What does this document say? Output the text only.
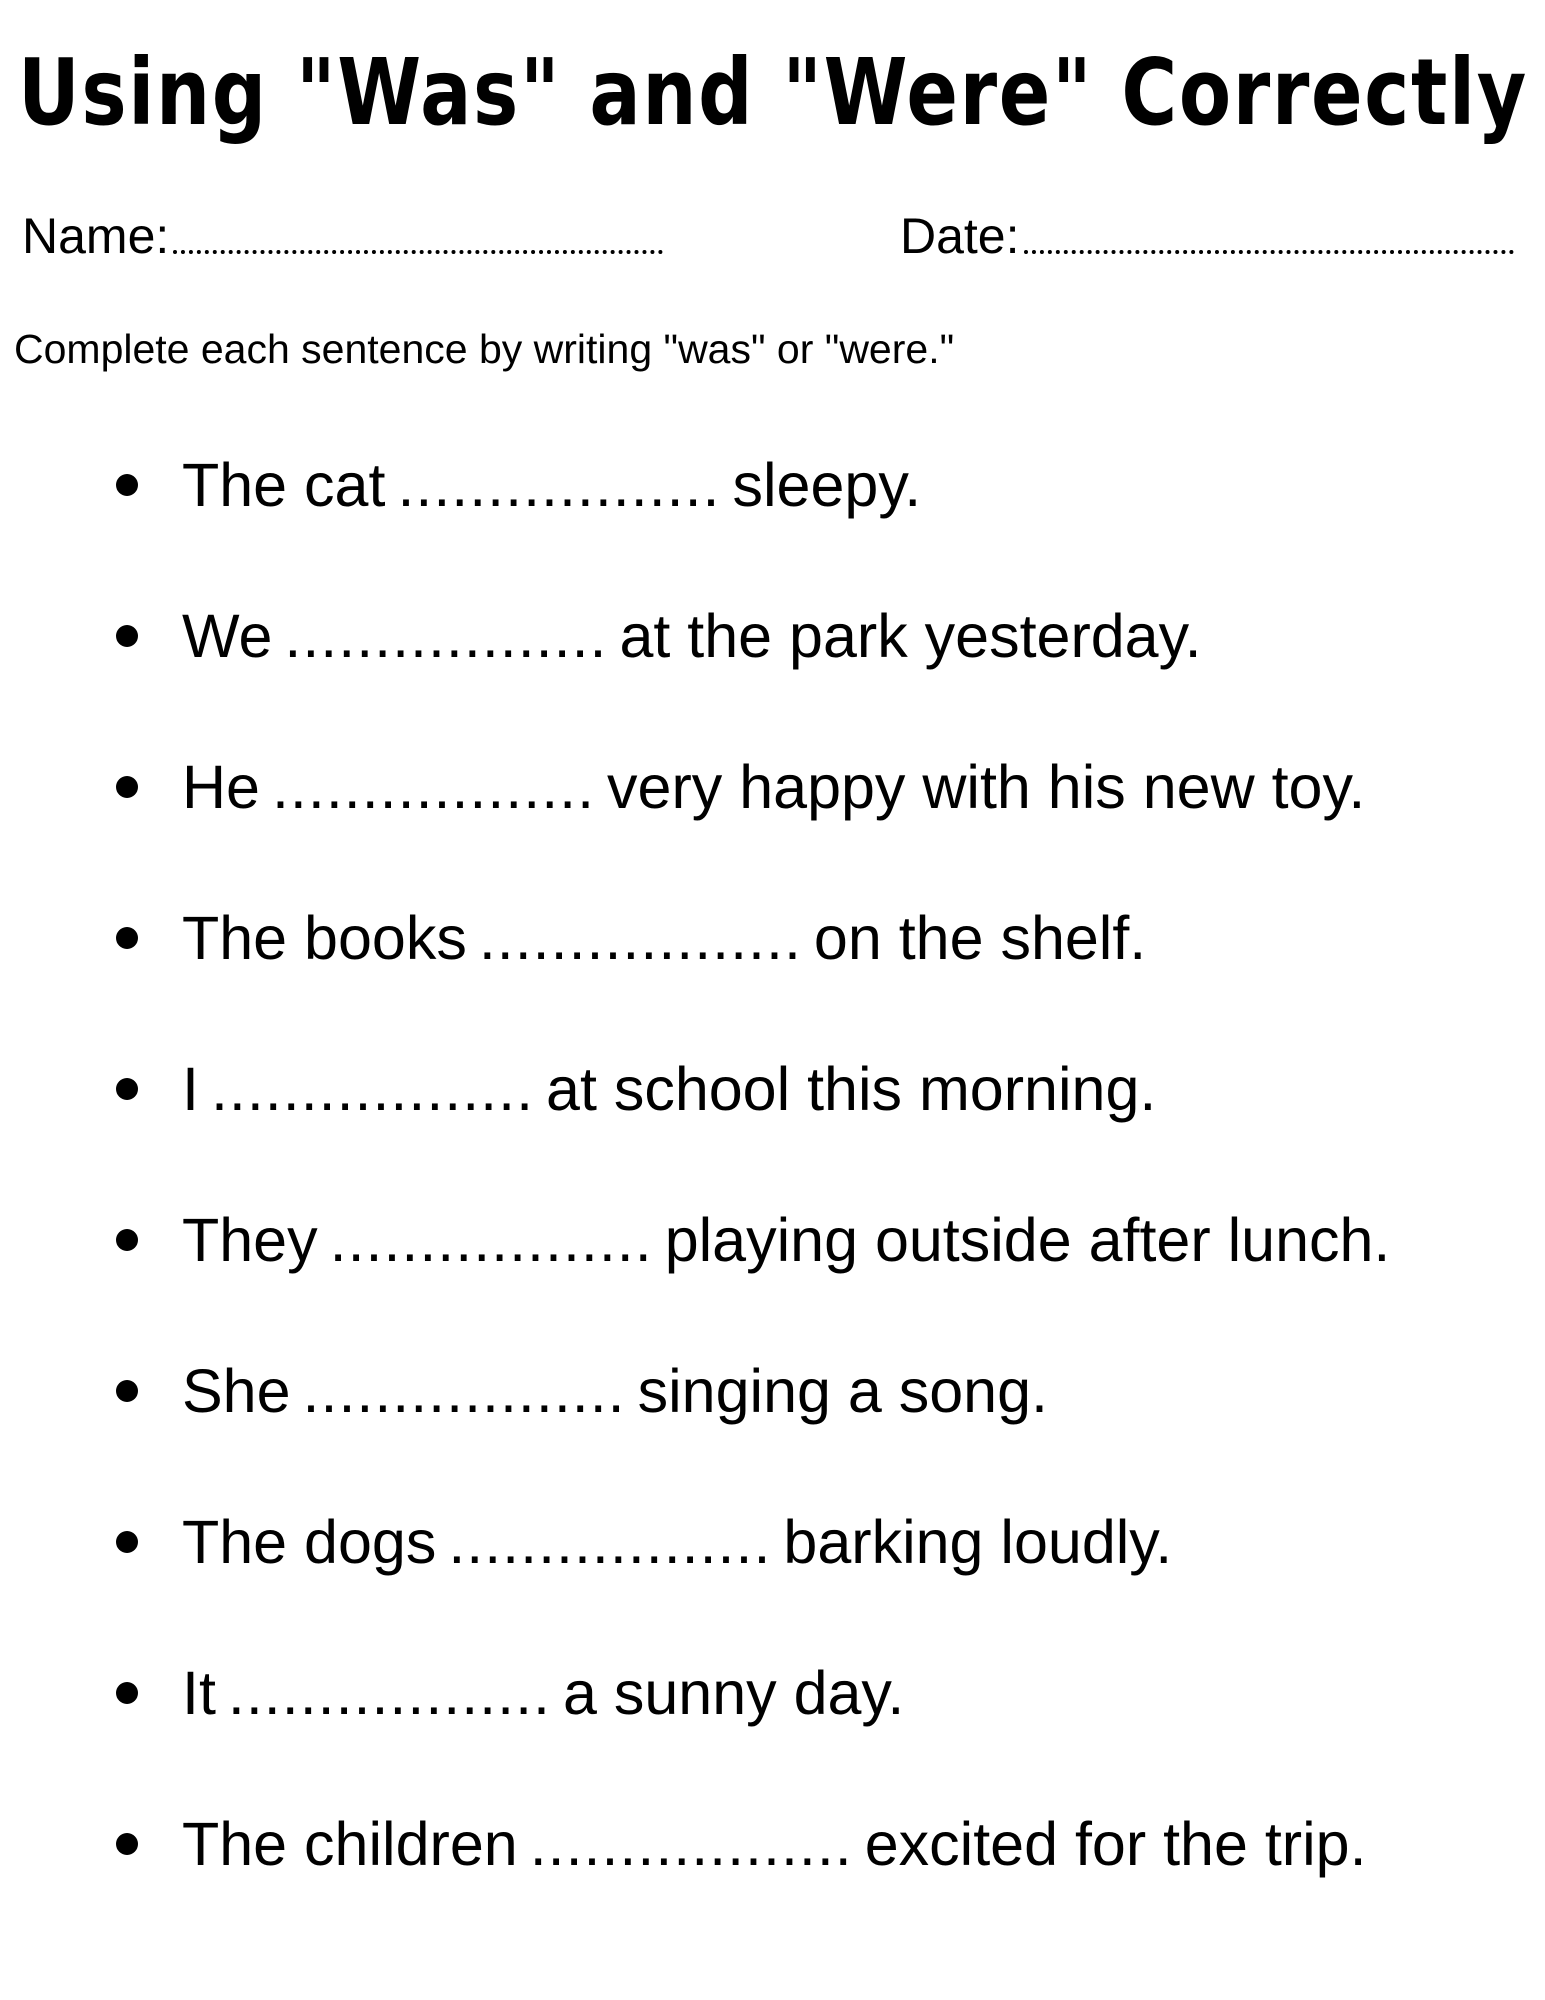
Using "Was" and "Were" Correctly
Name:	Date:
Complete each sentence by writing "was" or "were."
The cat .................. sleepy.
We .................. at the park yesterday.
He .................. very happy with his new toy.
The books .................. on the shelf.
I .................. at school this morning.
They .................. playing outside after lunch.
She .................. singing a song.
The dogs .................. barking loudly.
It .................. a sunny day.
The children .................. excited for the trip.
